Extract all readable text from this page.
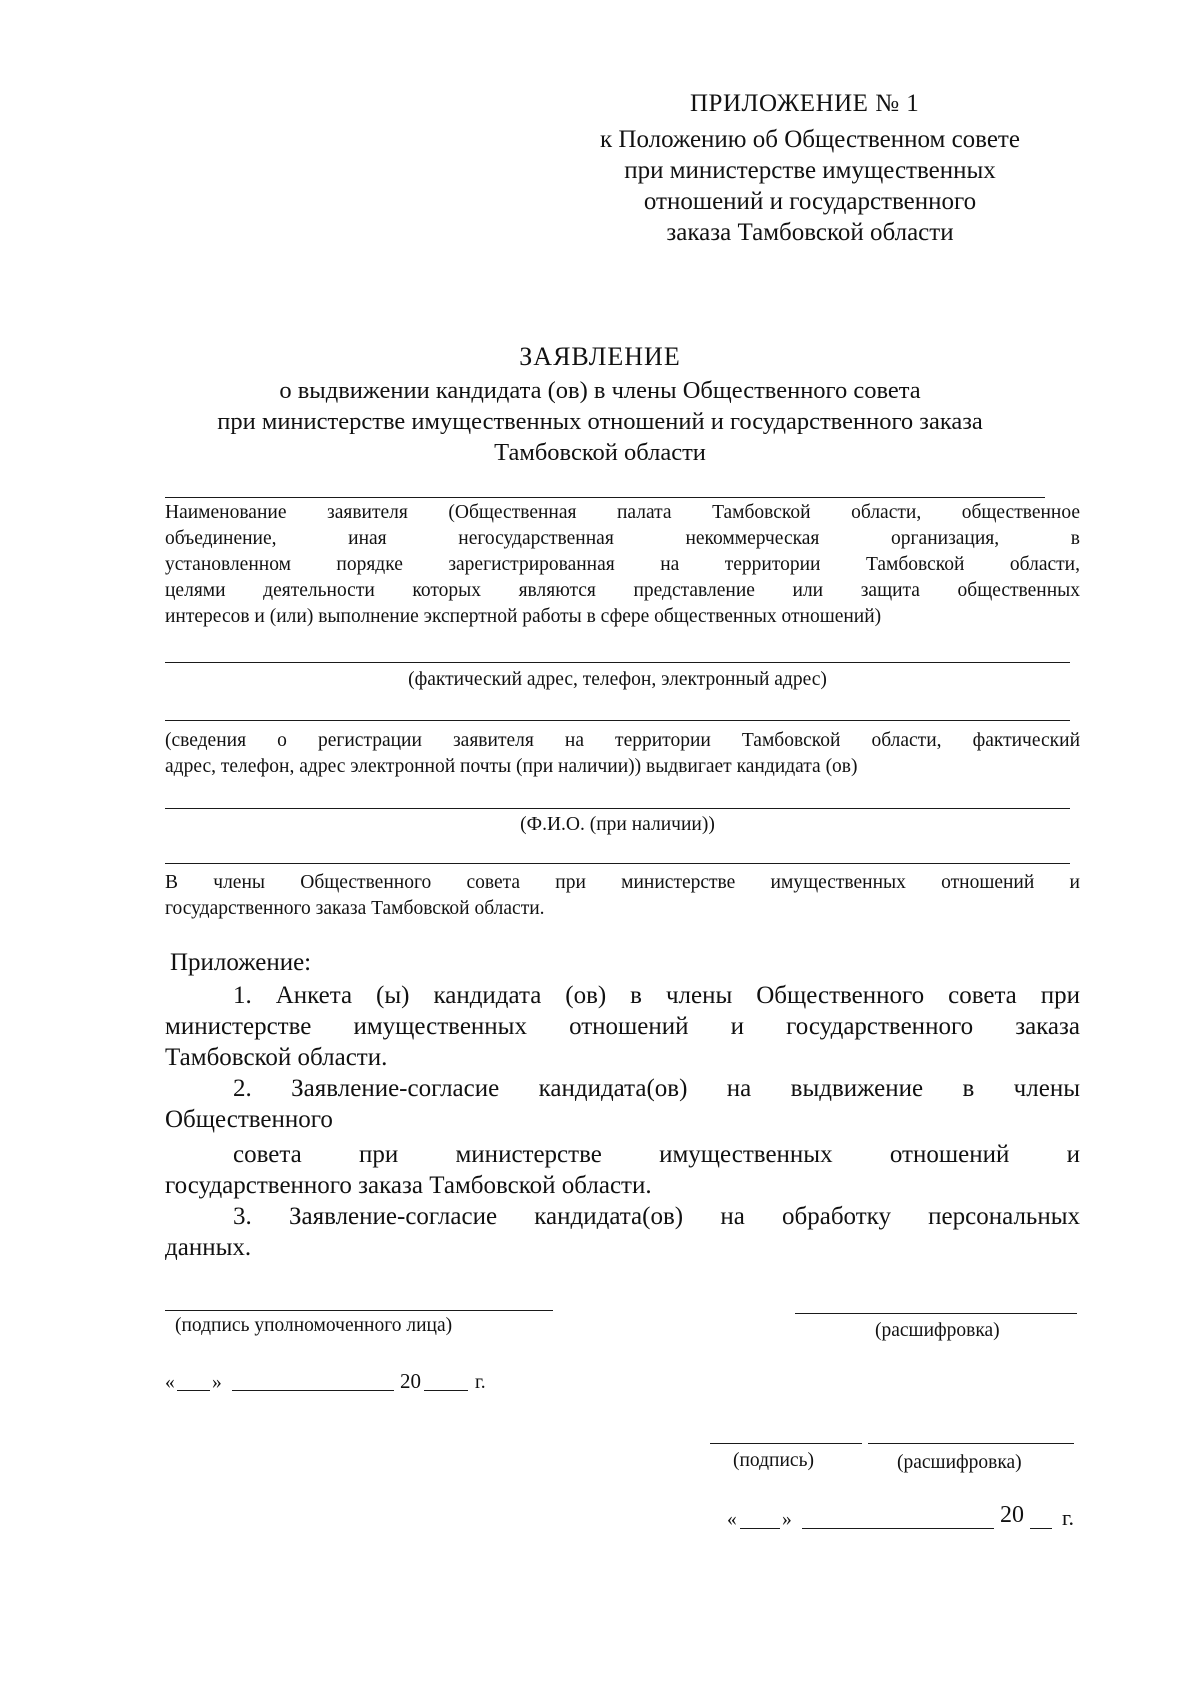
ПРИЛОЖЕНИЕ № 1
к Положению об Общественном совете
при министерстве имущественных
отношений и государственного
заказа Тамбовской области
ЗАЯВЛЕНИЕ
о выдвижении кандидата (ов) в члены Общественного совета
при министерстве имущественных отношений и государственного заказа
Тамбовской области
Наименование заявителя (Общественная палата Тамбовской области, общественное
объединение, иная негосударственная некоммерческая организация, в
установленном порядке зарегистрированная на территории Тамбовской области,
целями деятельности которых являются представление или защита общественных
интересов и (или) выполнение экспертной работы в сфере общественных отношений)
(фактический адрес, телефон, электронный адрес)
(сведения о регистрации заявителя на территории Тамбовской области, фактический
адрес, телефон, адрес электронной почты (при наличии)) выдвигает кандидата (ов)
(Ф.И.О. (при наличии))
В члены Общественного совета при министерстве имущественных отношений и
государственного заказа Тамбовской области.
Приложение:
1. Анкета (ы) кандидата (ов) в члены Общественного совета при
министерстве имущественных отношений и государственного заказа
Тамбовской области.
2. Заявление-согласие кандидата(ов) на выдвижение в члены
Общественного
совета при министерстве имущественных отношений и
государственного заказа Тамбовской области.
3. Заявление-согласие кандидата(ов) на обработку персональных
данных.
(подпись уполномоченного лица)	(расшифровка)
« »	20	г.
(подпись)	(расшифровка)
« »	20 г.
